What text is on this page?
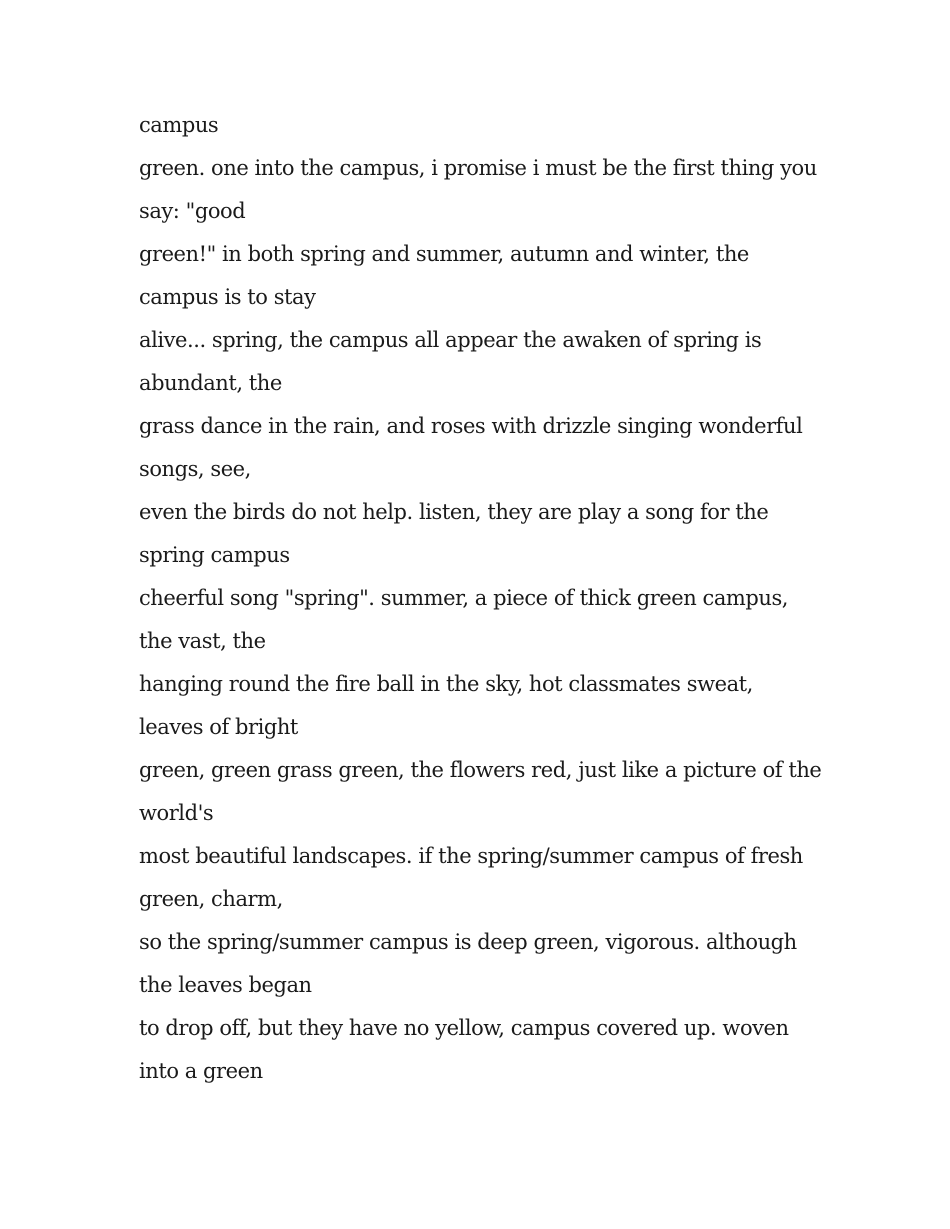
campus
green. one into the campus, i promise i must be the first thing you
say: "good
green!" in both spring and summer, autumn and winter, the
campus is to stay
alive... spring, the campus all appear the awaken of spring is
abundant, the
grass dance in the rain, and roses with drizzle singing wonderful
songs, see,
even the birds do not help. listen, they are play a song for the
spring campus
cheerful song "spring". summer, a piece of thick green campus,
the vast, the
hanging round the fire ball in the sky, hot classmates sweat,
leaves of bright
green, green grass green, the flowers red, just like a picture of the
world's
most beautiful landscapes. if the spring/summer campus of fresh
green, charm,
so the spring/summer campus is deep green, vigorous. although
the leaves began
to drop off, but they have no yellow, campus covered up. woven
into a green
